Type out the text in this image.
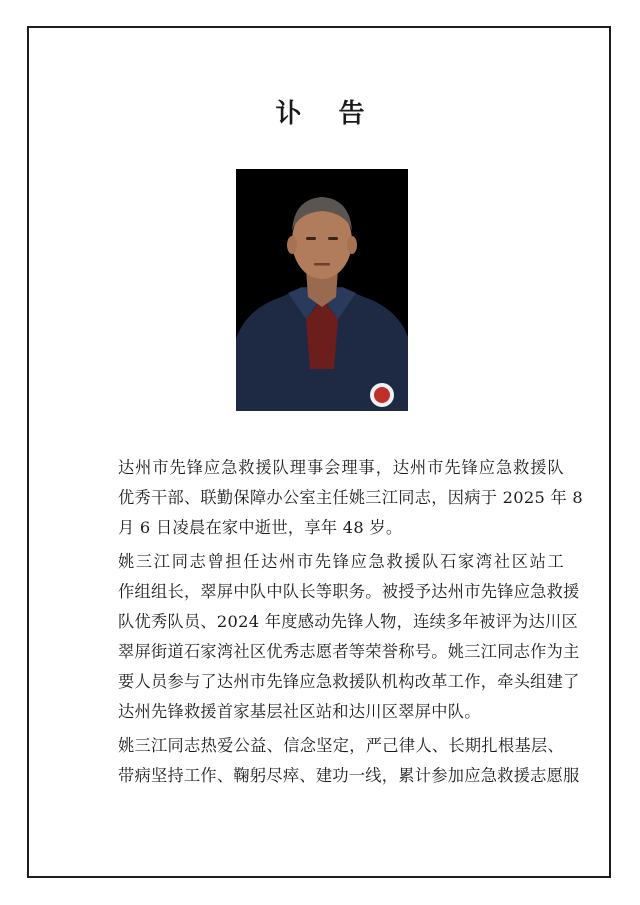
讣 告

达州市先锋应急救援队理事会理事，达州市先锋应急救援队
优秀干部、联勤保障办公室主任姚三江同志，因病于 2025 年 8
月 6 日凌晨在家中逝世，享年 48 岁。

姚三江同志曾担任达州市先锋应急救援队石家湾社区站工
作组组长，翠屏中队中队长等职务。被授予达州市先锋应急救援
队优秀队员、2024 年度感动先锋人物，连续多年被评为达川区
翠屏街道石家湾社区优秀志愿者等荣誉称号。姚三江同志作为主
要人员参与了达州市先锋应急救援队机构改革工作，牵头组建了
达州先锋救援首家基层社区站和达川区翠屏中队。

姚三江同志热爱公益、信念坚定，严己律人、长期扎根基层、
带病坚持工作、鞠躬尽瘁、建功一线，累计参加应急救援志愿服
